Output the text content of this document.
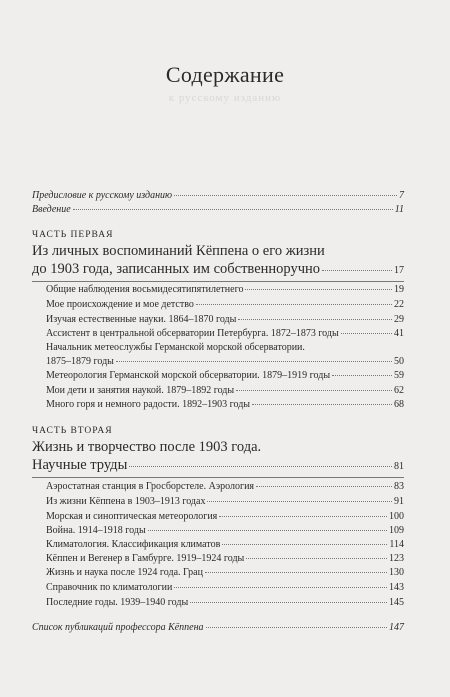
Содержание
к русскому изданию
Предисловие к русскому изданию	7
Введение	11
ЧАСТЬ ПЕРВАЯ
Из личных воспоминаний Кёппена о его жизни
до 1903 года, записанных им собственноручно	17
Общие наблюдения восьмидесятипятилетнего	19
Мое происхождение и мое детство	22
Изучая естественные науки. 1864–1870 годы	29
Ассистент в центральной обсерватории Петербурга. 1872–1873 годы	41
Начальник метеослужбы Германской морской обсерватории.
1875–1879 годы	50
Метеорология Германской морской обсерватории. 1879–1919 годы	59
Мои дети и занятия наукой. 1879–1892 годы	62
Много горя и немного радости. 1892–1903 годы	68
ЧАСТЬ ВТОРАЯ
Жизнь и творчество после 1903 года.
Научные труды	81
Аэростатная станция в Гросборстеле. Аэрология	83
Из жизни Кёппена в 1903–1913 годах	91
Морская и синоптическая метеорология	100
Война. 1914–1918 годы	109
Климатология. Классификация климатов	114
Кёппен и Вегенер в Гамбурге. 1919–1924 годы	123
Жизнь и наука после 1924 года. Грац	130
Справочник по климатологии	143
Последние годы. 1939–1940 годы	145
Список публикаций профессора Кёппена	147
